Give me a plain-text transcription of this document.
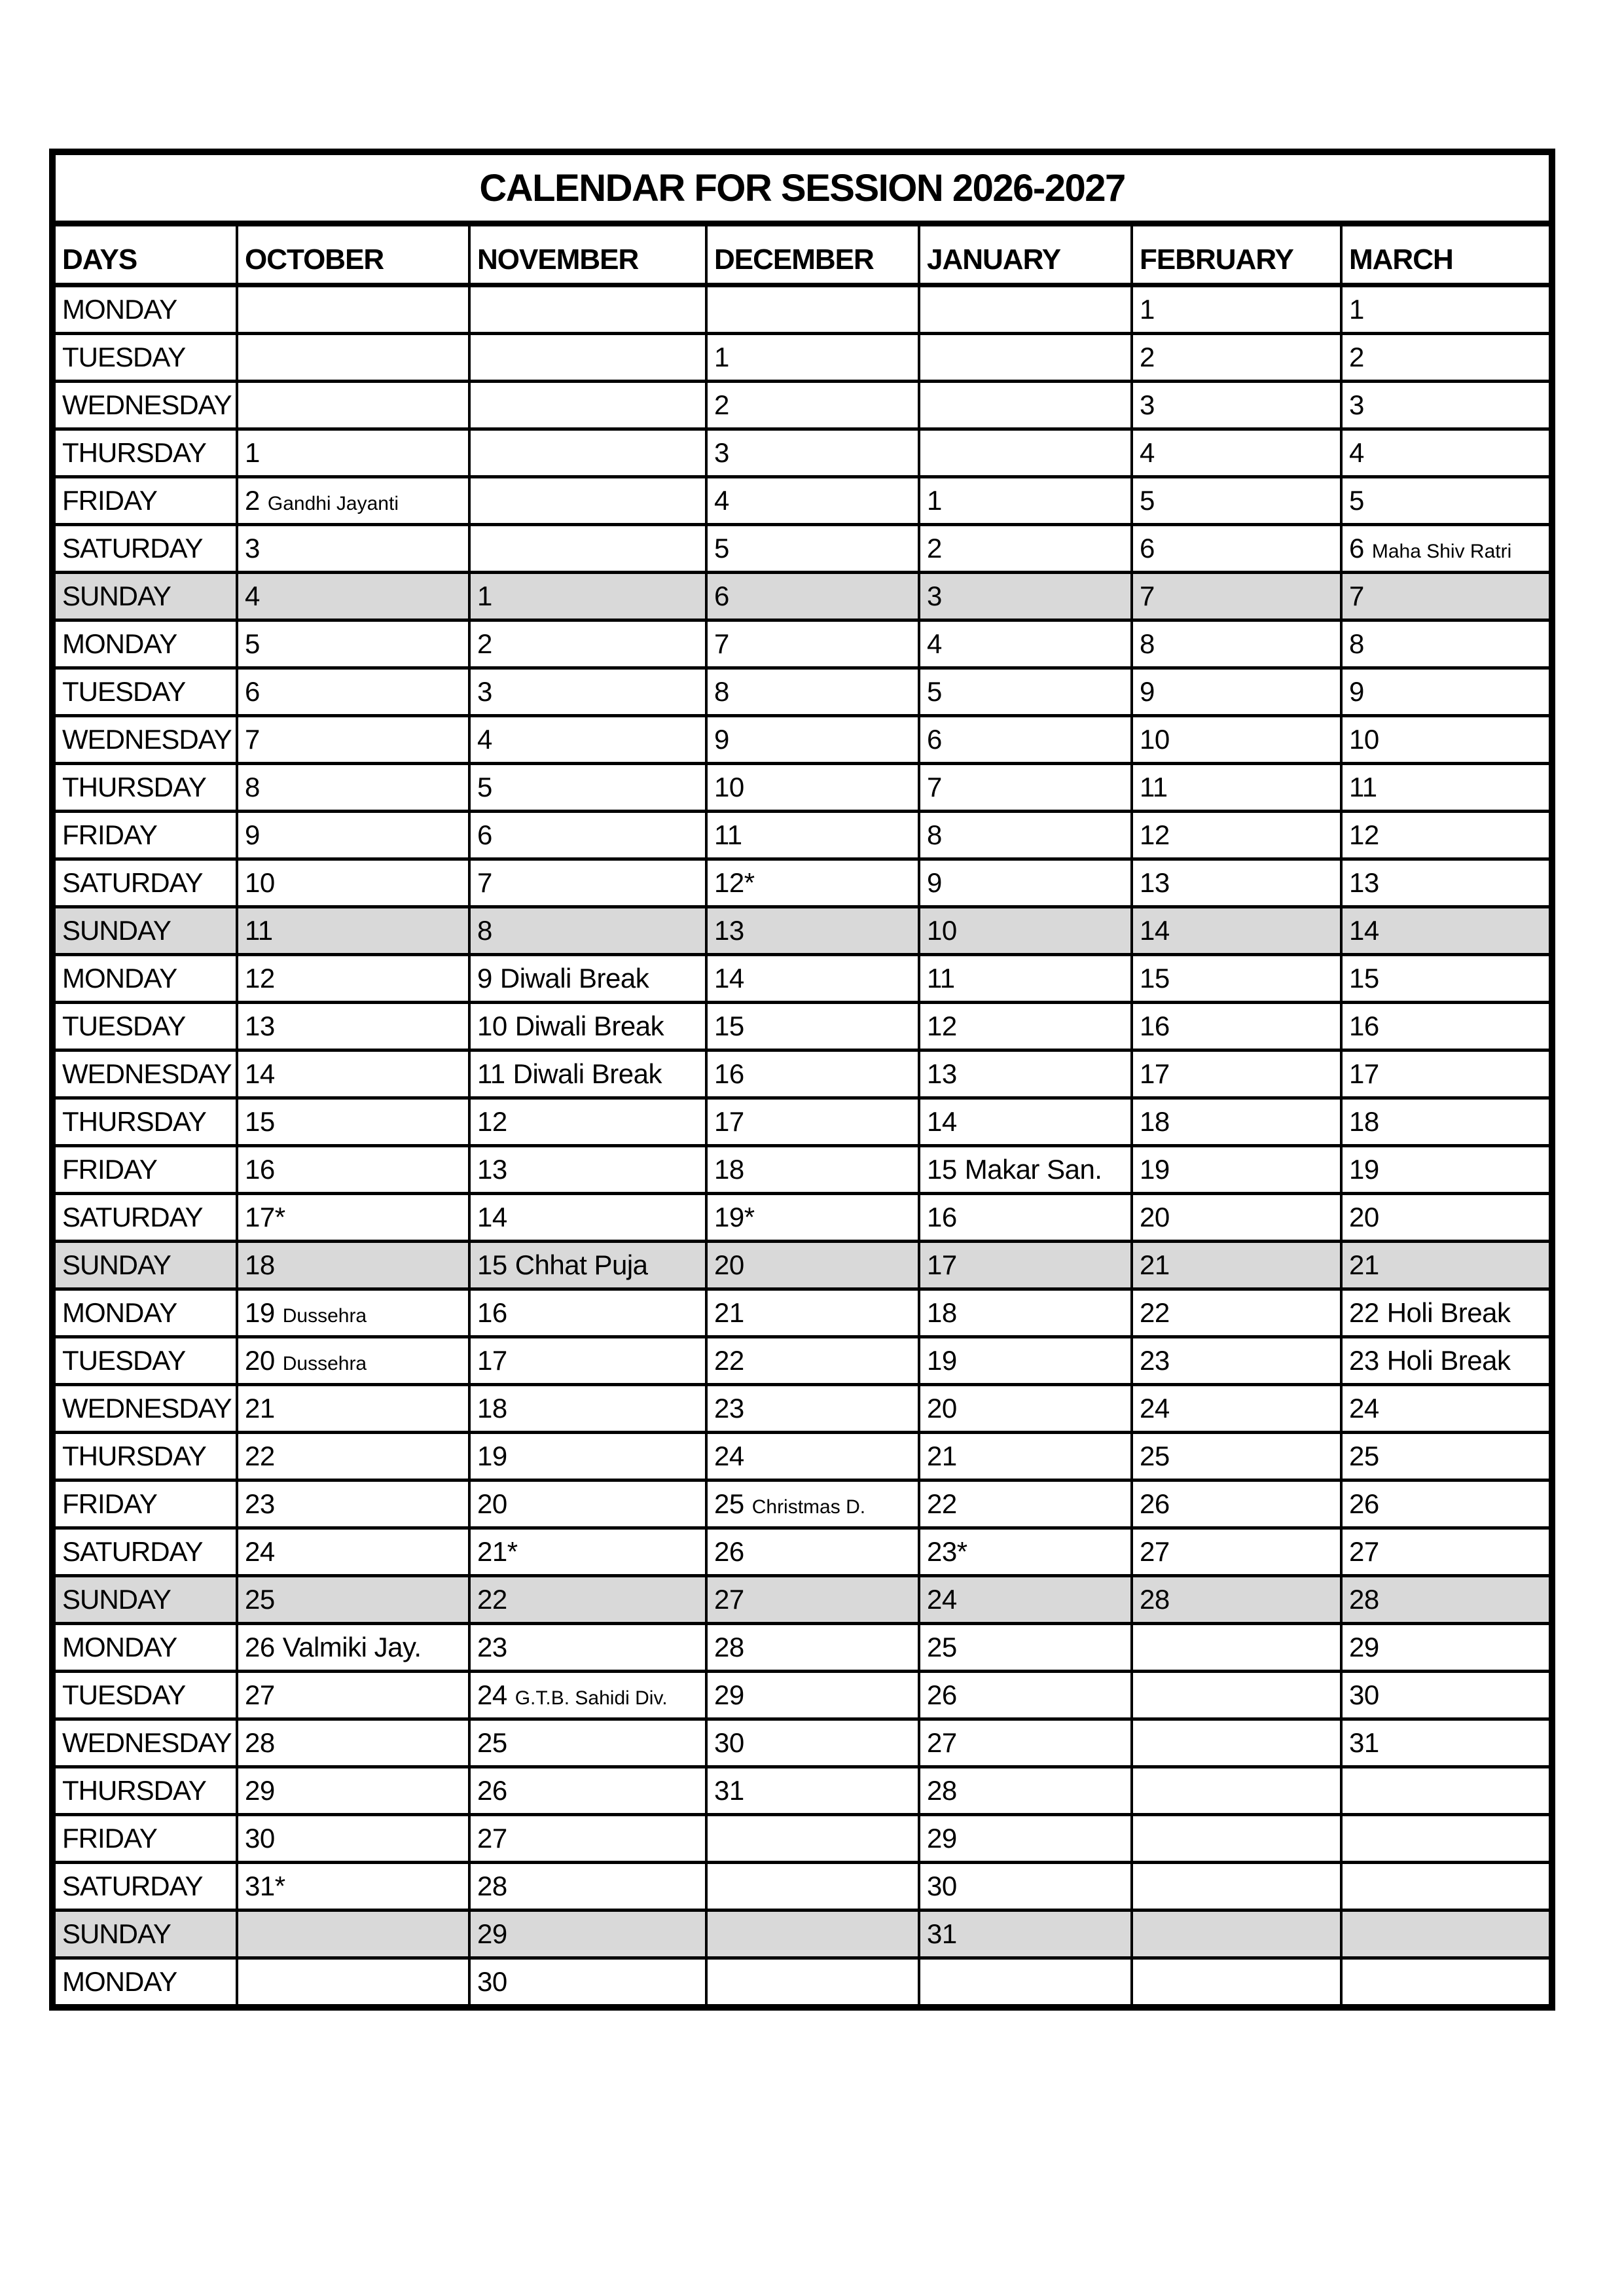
CALENDAR FOR SESSION 2026-2027						
DAYS	OCTOBER	NOVEMBER	DECEMBER	JANUARY	FEBRUARY	MARCH
MONDAY					1	1
TUESDAY			1		2	2
WEDNESDAY			2		3	3
THURSDAY	1		3		4	4
FRIDAY	2 Gandhi Jayanti		4	1	5	5
SATURDAY	3		5	2	6	6 Maha Shiv Ratri
SUNDAY	4	1	6	3	7	7
MONDAY	5	2	7	4	8	8
TUESDAY	6	3	8	5	9	9
WEDNESDAY	7	4	9	6	10	10
THURSDAY	8	5	10	7	11	11
FRIDAY	9	6	11	8	12	12
SATURDAY	10	7	12*	9	13	13
SUNDAY	11	8	13	10	14	14
MONDAY	12	9 Diwali Break	14	11	15	15
TUESDAY	13	10 Diwali Break	15	12	16	16
WEDNESDAY	14	11 Diwali Break	16	13	17	17
THURSDAY	15	12	17	14	18	18
FRIDAY	16	13	18	15 Makar San.	19	19
SATURDAY	17*	14	19*	16	20	20
SUNDAY	18	15 Chhat Puja	20	17	21	21
MONDAY	19 Dussehra	16	21	18	22	22 Holi Break
TUESDAY	20 Dussehra	17	22	19	23	23 Holi Break
WEDNESDAY	21	18	23	20	24	24
THURSDAY	22	19	24	21	25	25
FRIDAY	23	20	25 Christmas D.	22	26	26
SATURDAY	24	21*	26	23*	27	27
SUNDAY	25	22	27	24	28	28
MONDAY	26 Valmiki Jay.	23	28	25		29
TUESDAY	27	24 G.T.B. Sahidi Div.	29	26		30
WEDNESDAY	28	25	30	27		31
THURSDAY	29	26	31	28		
FRIDAY	30	27		29		
SATURDAY	31*	28		30		
SUNDAY		29		31		
MONDAY		30				
